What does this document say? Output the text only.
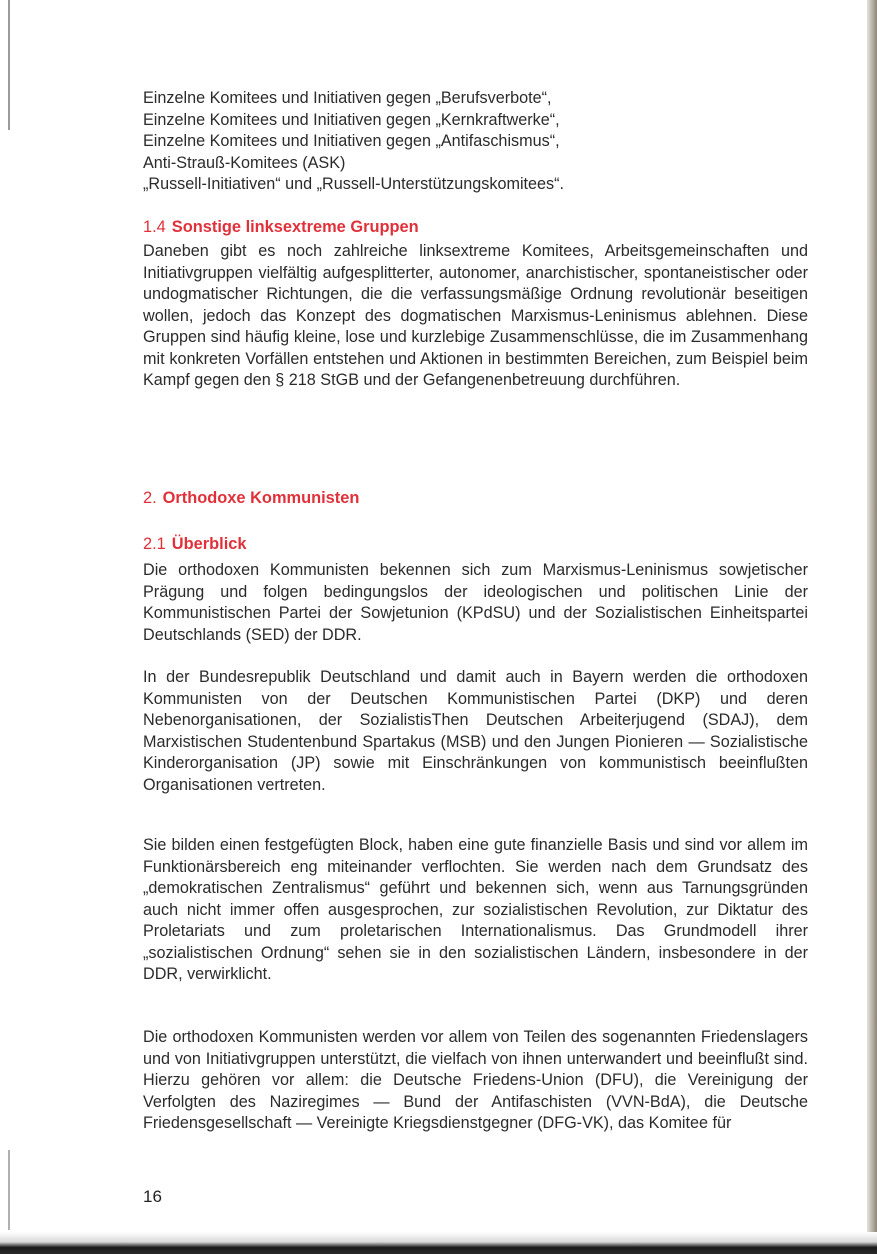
Einzelne Komitees und Initiativen gegen „Berufsverbote“,
Einzelne Komitees und Initiativen gegen „Kernkraftwerke“,
Einzelne Komitees und Initiativen gegen „Antifaschismus“,
Anti-Strauß-Komitees (ASK)
„Russell-Initiativen“ und „Russell-Unterstützungskomitees“.

1.4 Sonstige linksextreme Gruppen

Daneben gibt es noch zahlreiche linksextreme Komitees, Arbeitsgemeinschaften und Initiativgruppen vielfältig aufgesplitterter, autonomer, anarchistischer, spontaneistischer oder undogmatischer Richtungen, die die verfassungsmäßige Ordnung revolutionär beseitigen wollen, jedoch das Konzept des dogmatischen Marxismus-Leninismus ablehnen. Diese Gruppen sind häufig kleine, lose und kurzlebige Zusammenschlüsse, die im Zusammenhang mit konkreten Vorfällen entstehen und Aktionen in bestimmten Bereichen, zum Beispiel beim Kampf gegen den § 218 StGB und der Gefangenenbetreuung durchführen.

2. Orthodoxe Kommunisten
2.1 Überblick

Die orthodoxen Kommunisten bekennen sich zum Marxismus-Leninismus sowjetischer Prägung und folgen bedingungslos der ideologischen und politischen Linie der Kommunistischen Partei der Sowjetunion (KPdSU) und der Sozialistischen Einheitspartei Deutschlands (SED) der DDR.

In der Bundesrepublik Deutschland und damit auch in Bayern werden die orthodoxen Kommunisten von der Deutschen Kommunistischen Partei (DKP) und deren Nebenorganisationen, der SozialistisThen Deutschen Arbeiterjugend (SDAJ), dem Marxistischen Studentenbund Spartakus (MSB) und den Jungen Pionieren — Sozialistische Kinderorganisation (JP) sowie mit Einschränkungen von kommunistisch beeinflußten Organisationen vertreten.

Sie bilden einen festgefügten Block, haben eine gute finanzielle Basis und sind vor allem im Funktionärsbereich eng miteinander verflochten. Sie werden nach dem Grundsatz des „demokratischen Zentralismus“ geführt und bekennen sich, wenn aus Tarnungsgründen auch nicht immer offen ausgesprochen, zur sozialistischen Revolution, zur Diktatur des Proletariats und zum proletarischen Internationalismus. Das Grundmodell ihrer „sozialistischen Ordnung“ sehen sie in den sozialistischen Ländern, insbesondere in der DDR, verwirklicht.

Die orthodoxen Kommunisten werden vor allem von Teilen des sogenannten Friedenslagers und von Initiativgruppen unterstützt, die vielfach von ihnen unterwandert und beeinflußt sind. Hierzu gehören vor allem: die Deutsche Friedens-Union (DFU), die Vereinigung der Verfolgten des Naziregimes — Bund der Antifaschisten (VVN-BdA), die Deutsche Friedensgesellschaft — Vereinigte Kriegsdienstgegner (DFG-VK), das Komitee für

16
